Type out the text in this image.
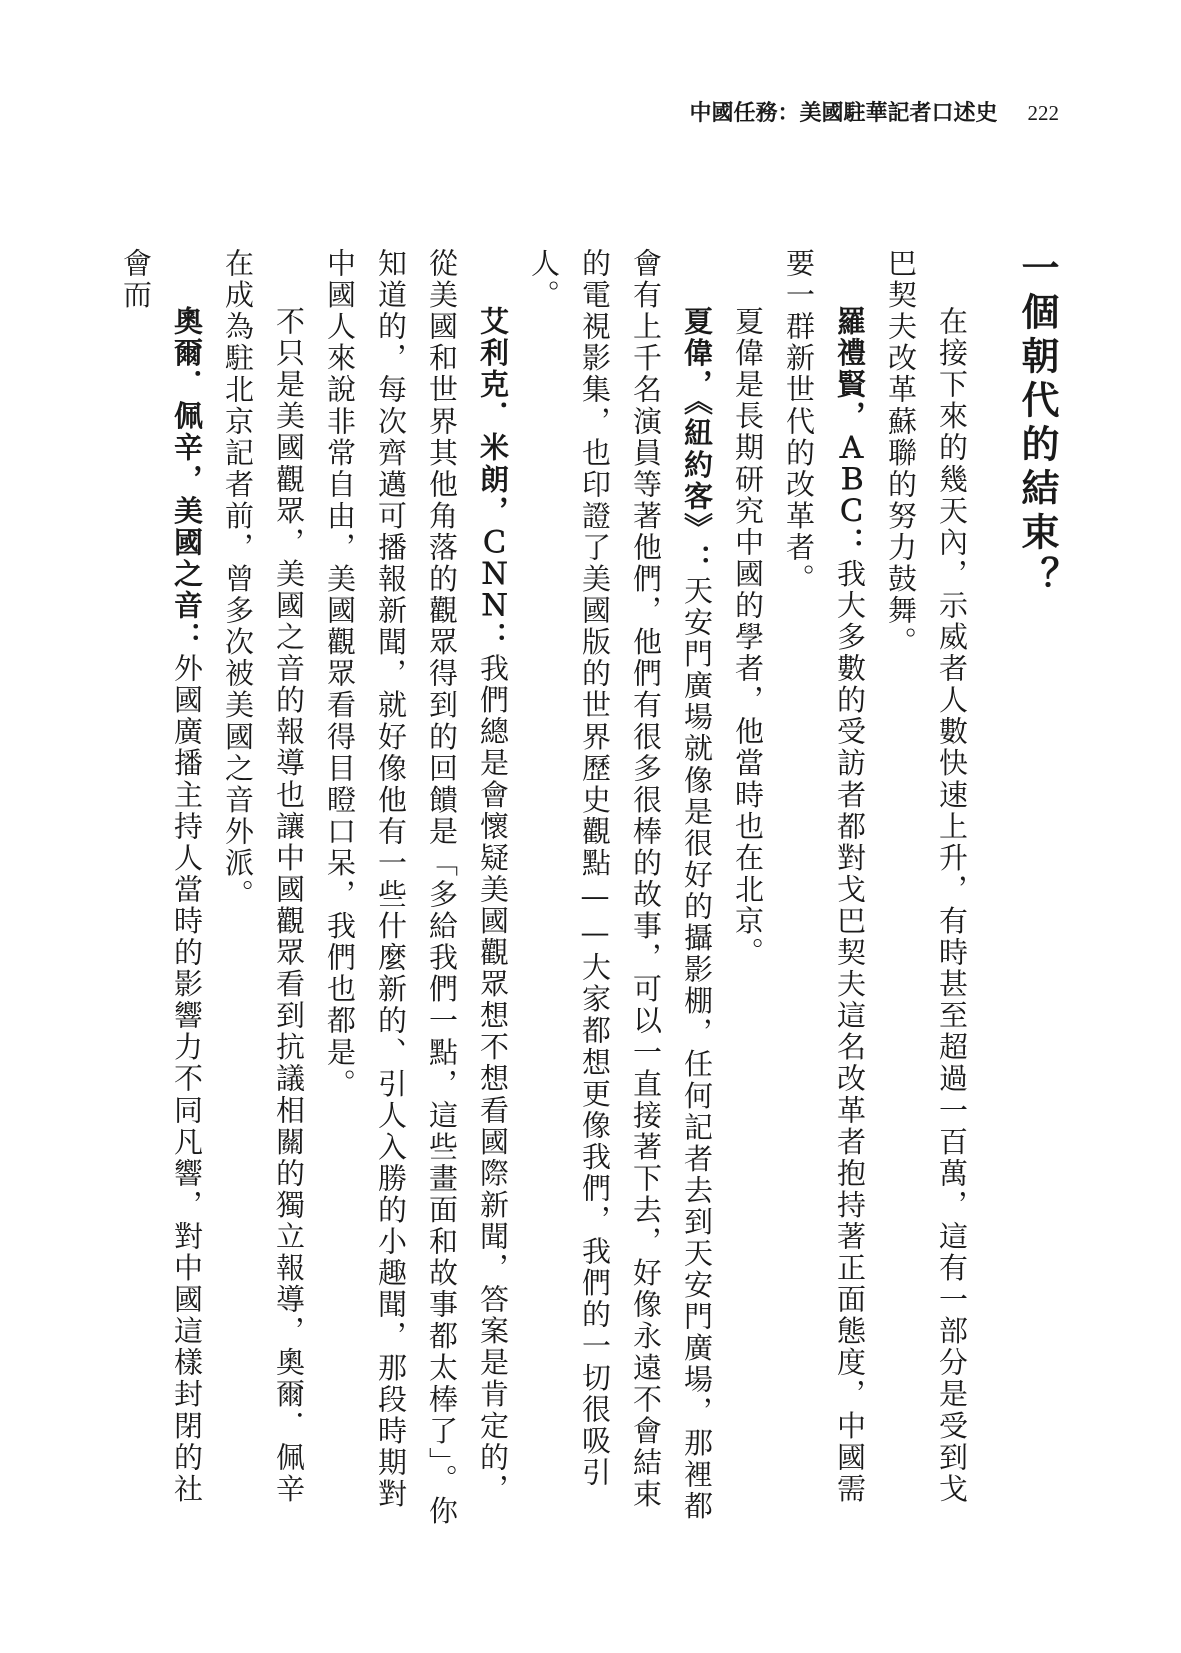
中國任務：美國駐華記者口述史 222
一個朝代的結束？

在接下來的幾天內，示威者人數快速上升，有時甚至超過一百萬，這有一部分是受到戈巴契夫改革蘇聯的努力鼓舞。

羅禮賢，ＡＢＣ：我大多數的受訪者都對戈巴契夫這名改革者抱持著正面態度，中國需要一群新世代的改革者。

夏偉是長期研究中國的學者，他當時也在北京。

夏偉，《紐約客》：天安門廣場就像是很好的攝影棚，任何記者去到天安門廣場，那裡都會有上千名演員等著他們，他們有很多很棒的故事，可以一直接著下去，好像永遠不會結束的電視影集，也印證了美國版的世界歷史觀點——大家都想更像我們，我們的一切很吸引人。

艾利克．米朗，ＣＮＮ：我們總是會懷疑美國觀眾想不想看國際新聞，答案是肯定的，從美國和世界其他角落的觀眾得到的回饋是「多給我們一點，這些畫面和故事都太棒了」。你知道的，每次齊邁可播報新聞，就好像他有一些什麼新的、引人入勝的小趣聞，那段時期對中國人來說非常自由，美國觀眾看得目瞪口呆，我們也都是。

不只是美國觀眾，美國之音的報導也讓中國觀眾看到抗議相關的獨立報導，奧爾．佩辛在成為駐北京記者前，曾多次被美國之音外派。

奧爾．佩辛，美國之音：外國廣播主持人當時的影響力不同凡響，對中國這樣封閉的社會而
